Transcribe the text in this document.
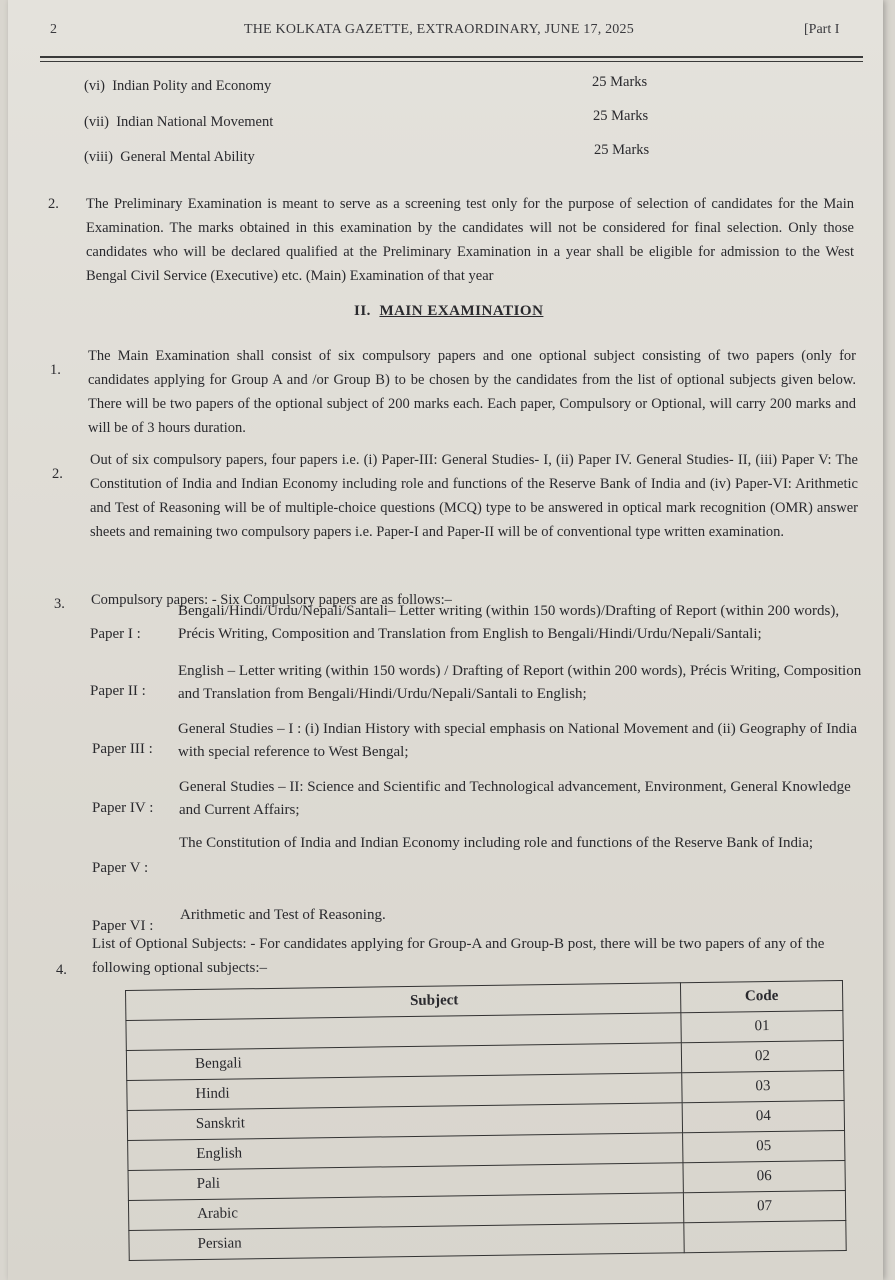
2	THE KOLKATA GAZETTE, EXTRAORDINARY, JUNE 17, 2025	[Part I
(vi) Indian Polity and Economy	25 Marks
(vii) Indian National Movement	25 Marks
(viii) General Mental Ability	25 Marks
2. The Preliminary Examination is meant to serve as a screening test only for the purpose of selection of candidates for the Main Examination. The marks obtained in this examination by the candidates will not be considered for final selection. Only those candidates who will be declared qualified at the Preliminary Examination in a year shall be eligible for admission to the West Bengal Civil Service (Executive) etc. (Main) Examination of that year
II. MAIN EXAMINATION
1.
The Main Examination shall consist of six compulsory papers and one optional subject consisting of two papers (only for candidates applying for Group A and /or Group B) to be chosen by the candidates from the list of optional subjects given below. There will be two papers of the optional subject of 200 marks each. Each paper, Compulsory or Optional, will carry 200 marks and will be of 3 hours duration.
2.
Out of six compulsory papers, four papers i.e. (i) Paper-III: General Studies- I, (ii) Paper IV. General Studies- II, (iii) Paper V: The Constitution of India and Indian Economy including role and functions of the Reserve Bank of India and (iv) Paper-VI: Arithmetic and Test of Reasoning will be of multiple-choice questions (MCQ) type to be answered in optical mark recognition (OMR) answer sheets and remaining two compulsory papers i.e. Paper-I and Paper-II will be of conventional type written examination.
3. Compulsory papers: - Six Compulsory papers are as follows:–
Paper I :
Bengali/Hindi/Urdu/Nepali/Santali– Letter writing (within 150 words)/Drafting of Report (within 200 words), Précis Writing, Composition and Translation from English to Bengali/Hindi/Urdu/Nepali/Santali;
Paper II :
English – Letter writing (within 150 words) / Drafting of Report (within 200 words), Précis Writing, Composition and Translation from Bengali/Hindi/Urdu/Nepali/Santali to English;
Paper III :
General Studies – I : (i) Indian History with special emphasis on National Movement and (ii) Geography of India with special reference to West Bengal;
Paper IV :
General Studies – II: Science and Scientific and Technological advancement, Environment, General Knowledge and Current Affairs;
Paper V :
The Constitution of India and Indian Economy including role and functions of the Reserve Bank of India;
Paper VI :
Arithmetic and Test of Reasoning.
4.
List of Optional Subjects: - For candidates applying for Group-A and Group-B post, there will be two papers of any of the following optional subjects:–
Subject	Code
	01
Bengali	02
Hindi	03
Sanskrit	04
English	05
Pali	06
Arabic	07
Persian	
